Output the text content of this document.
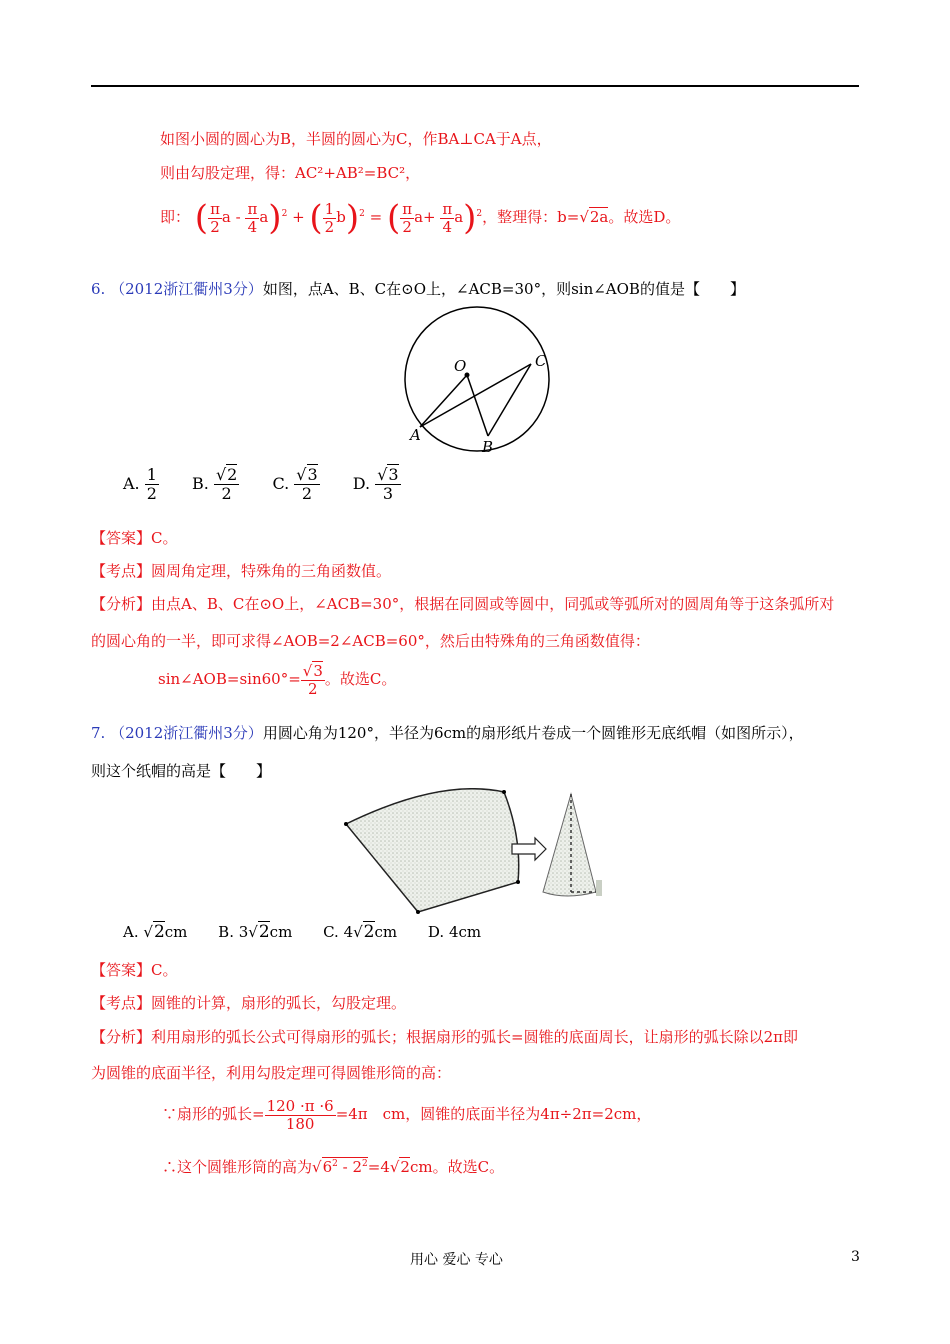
如图小圆的圆心为B，半圆的圆心为C，作BA⊥CA于A点，
则由勾股定理，得：AC²+AB²=BC²，
即： ( $\frac{\pi}{2}$ a - $\frac{\pi}{4} a)^2$ + ( $\frac{1}{2} b)^2$ = ( $\frac{\pi}{2} a+ \frac{\pi}{4} a)^2$，整理得：b=√2a。故选D。
6. （2012浙江衢州3分）如图，点A、B、C在⊙O上，∠ACB=30°，则sin∠AOB的值是【　　】
O	C
A
B
A. $\frac{1}{2} B$. $\frac{√2}{2} C$. $\frac{√3}{2} D$. $\frac{√3}{3}$
【答案】C。
【考点】圆周角定理，特殊角的三角函数值。
【分析】由点A、B、C在⊙O上，∠ACB=30°，根据在同圆或等圆中，同弧或等弧所对的圆周角等于这条弧所对
的圆心角的一半，即可求得∠AOB=2∠ACB=60°，然后由特殊角的三角函数值得：
sin∠AOB=sin60°= $\frac{√3}{2}$ 。故选C。
7. （2012浙江衢州3分）用圆心角为120°，半径为6cm的扇形纸片卷成一个圆锥形无底纸帽（如图所示），
则这个纸帽的高是【　　】
A. √2cm B. 3√2cm C. 4√2cm D. 4cm
【答案】C。
【考点】圆锥的计算，扇形的弧长，勾股定理。
【分析】利用扇形的弧长公式可得扇形的弧长；根据扇形的弧长=圆锥的底面周长，让扇形的弧长除以2π即
为圆锥的底面半径，利用勾股定理可得圆锥形筒的高：
∵扇形的弧长= $\frac{120 \cdot\pi \cdot 6}{180} =4\pi$　cm，圆锥的底面半径为4π÷2π=2cm，
∴这个圆锥形筒的高为$√6^2 - 2^2=4√2cm$。故选C。
用心 爱心 专心	3
